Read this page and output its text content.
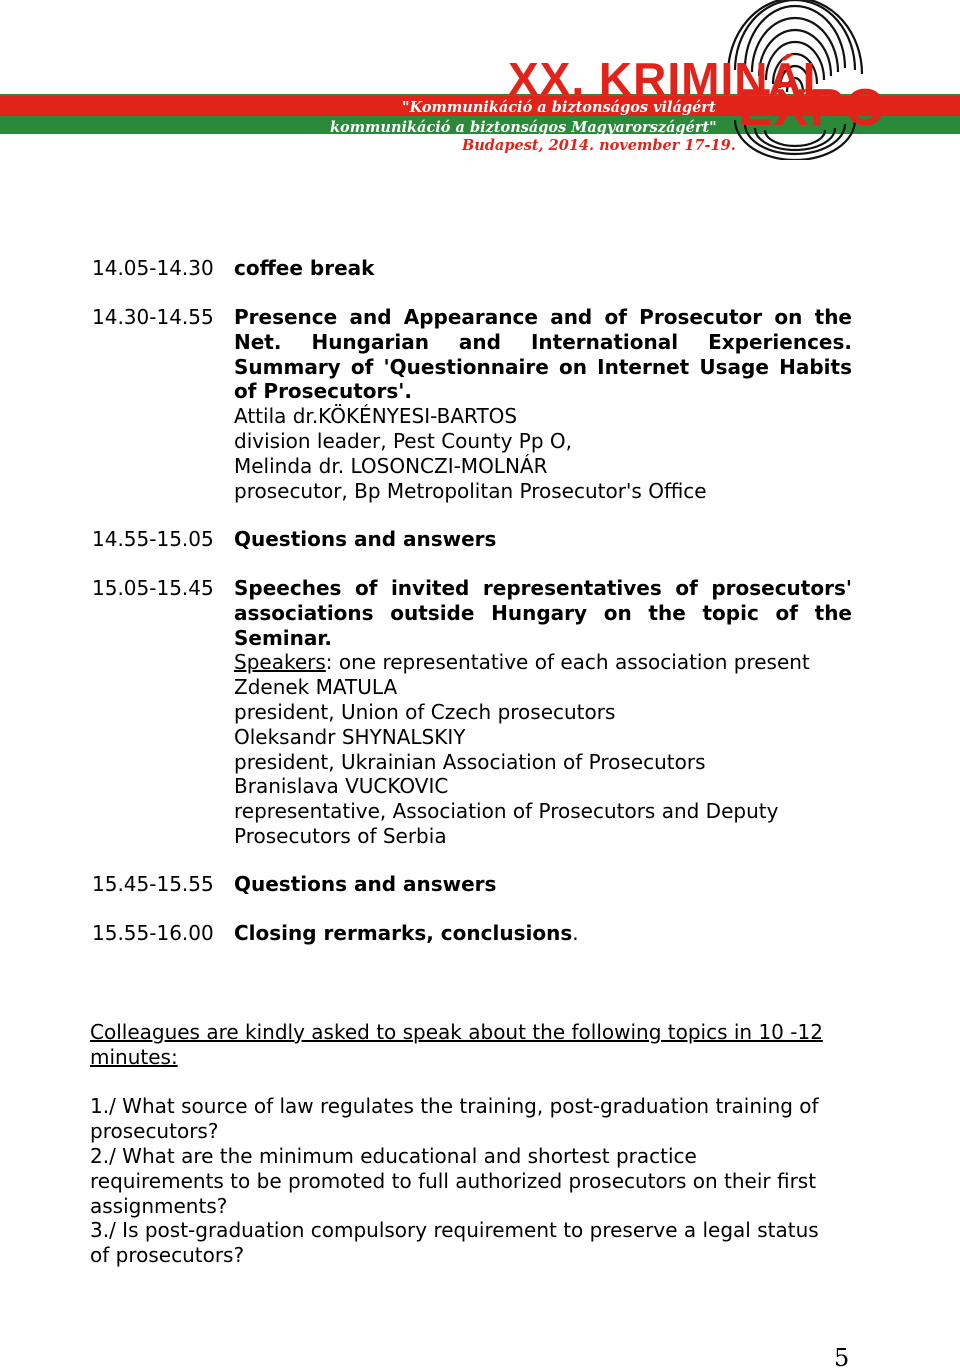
XX. KRIMINÁL
"Kommunikáció a biztonságos világért
kommunikáció a biztonságos Magyarországért" EXPO
Budapest, 2014. november 17-19.
14.05-14.30	coffee break
14.30-14.55	Presence and Appearance and of Prosecutor on the
Net. Hungarian and International Experiences.
Summary of 'Questionnaire on Internet Usage Habits
of Prosecutors'.
Attila dr.KÖKÉNYESI-BARTOS
division leader, Pest County Pp O,
Melinda dr. LOSONCZI-MOLNÁR
prosecutor, Bp Metropolitan Prosecutor's Office
14.55-15.05	Questions and answers
15.05-15.45	Speeches of invited representatives of prosecutors'
associations outside Hungary on the topic of the
Seminar.
Speakers: one representative of each association present
Zdenek MATULA
president, Union of Czech prosecutors
Oleksandr SHYNALSKIY
president, Ukrainian Association of Prosecutors
Branislava VUCKOVIC
representative, Association of Prosecutors and Deputy
Prosecutors of Serbia
15.45-15.55	Questions and answers
15.55-16.00	Closing rermarks, conclusions.
Colleagues are kindly asked to speak about the following topics in 10 -12
minutes:
1./ What source of law regulates the training, post-graduation training of
prosecutors?
2./ What are the minimum educational and shortest practice
requirements to be promoted to full authorized prosecutors on their first
assignments?
3./ Is post-graduation compulsory requirement to preserve a legal status
of prosecutors?
5
